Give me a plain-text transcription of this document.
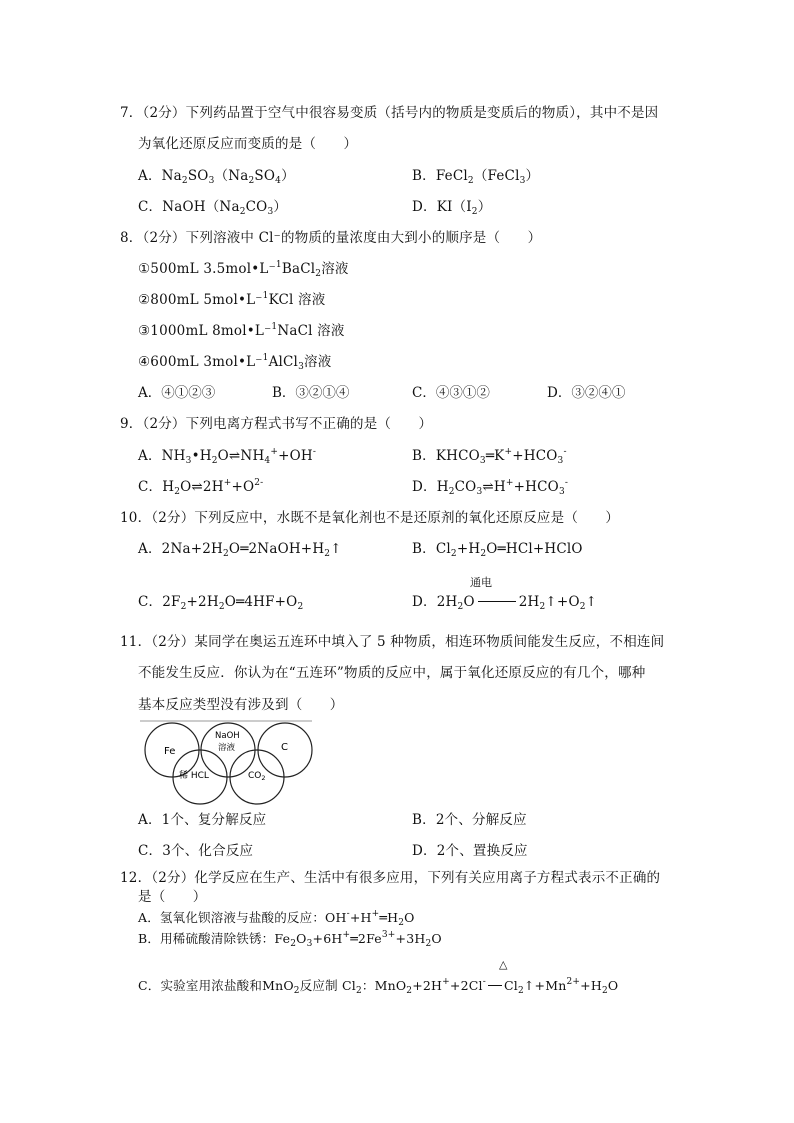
7．（2分）下列药品置于空气中很容易变质（括号内的物质是变质后的物质），其中不是因
为氧化还原反应而变质的是（　　）
A．$Na_2SO_3(Na_2SO_4)$	B．FeCl$_2$（FeCl$_3$）
C．$NaOH(Na_2CO_3)$	D．$KI(I_2)$
8．（2分）下列溶液中 Cl⁻的物质的量浓度由大到小的顺序是（　　）
①500mL 3.5mol•L⁻$^1$BaCl$_2$溶液
②800mL 5mol•L⁻$^1$KCl 溶液
③1000mL 8mol•L⁻$^1$NaCl 溶液
④600mL 3mol•L⁻$^1$AlCl$_3$溶液
A．④①②③	B．③②①④	C．④③①②	D．③②④①
9．（2分）下列电离方程式书写不正确的是（　　）
A．$NH_3•H_2O\rightleftharpoons NH_4^++OH^-$	B．$KHCO_3═K^++HCO_3^-$
C．$H_2O\rightleftharpoons 2H^++O^{2-}$	D．$H_2CO_3\rightleftharpoons H^++HCO_3^-$
10．（2分）下列反应中，水既不是氧化剂也不是还原剂的氧化还原反应是（　　）
A．$2Na+2H_2O═2NaOH+H_2↑$	B．$Cl_2+H_2O═HCl+HClO$
通电
C．$2F_2+2H_2O═4HF+O_2$	D．$2H_2O$	$2H_2↑+O_2↑$
11．（2分）某同学在奥运五连环中填入了 5 种物质，相连环物质间能发生反应，不相连间
不能发生反应．你认为在“五连环”物质的反应中，属于氧化还原反应的有几个，哪种
基本反应类型没有涉及到（　　）
Fe
NaOH
溶液	C
稀 HCL	$CO_2$
A．1个、复分解反应	B．2个、分解反应
C．3个、化合反应	D．2个、置换反应
12．（2分）化学反应在生产、生活中有很多应用，下列有关应用离子方程式表示不正确的
是（　　）
A．氢氧化钡溶液与盐酸的反应：$OH^-+H^+═H_2O$
B．用稀硫酸清除铁锈：$Fe_2O_3+6H^+═2Fe^{3+}+3H_2O$
△
C．实验室用浓盐酸和MnO$_2$反应制 $Cl_2$：MnO$_2$+2H++2Cl- $Cl_2↑+Mn^{2+}+H_2O$
